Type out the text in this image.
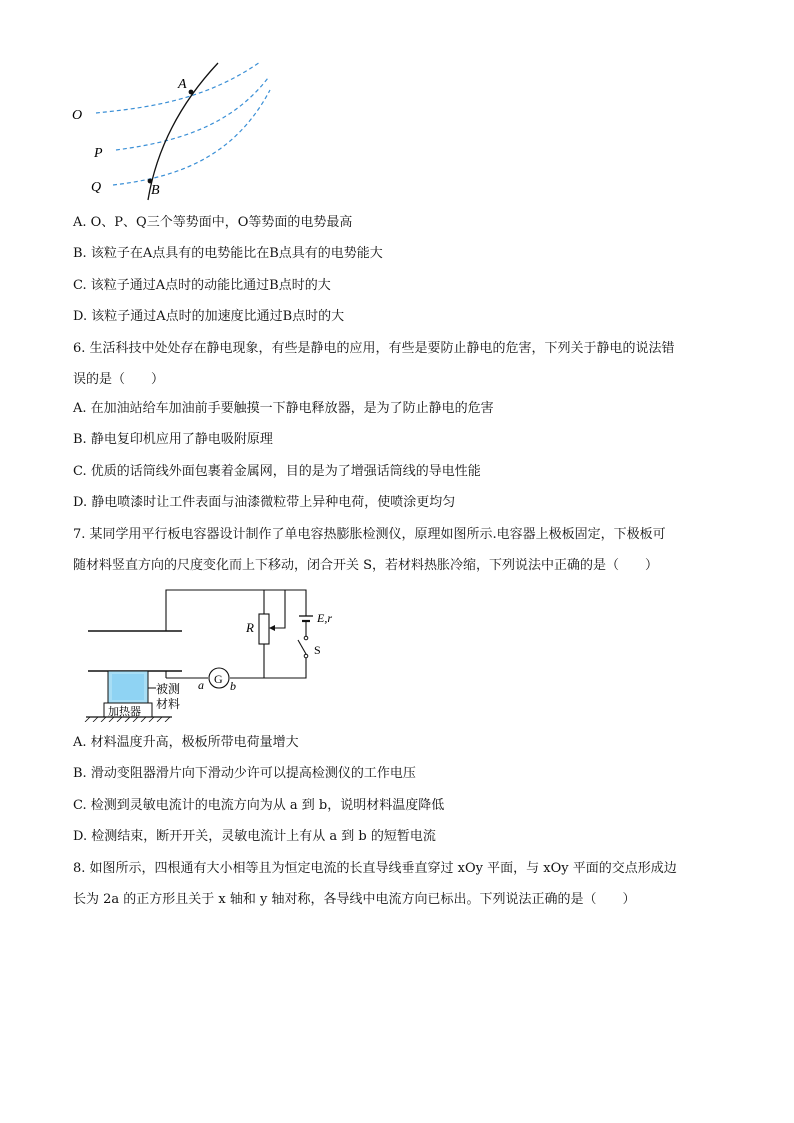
A
B
O
P
Q
A. O、P、Q三个等势面中，O等势面的电势最高
B. 该粒子在A点具有的电势能比在B点具有的电势能大
C. 该粒子通过A点时的动能比通过B点时的大
D. 该粒子通过A点时的加速度比通过B点时的大
6. 生活科技中处处存在静电现象，有些是静电的应用，有些是要防止静电的危害，下列关于静电的说法错
误的是（　　）
A. 在加油站给车加油前手要触摸一下静电释放器，是为了防止静电的危害
B. 静电复印机应用了静电吸附原理
C. 优质的话筒线外面包裹着金属网，目的是为了增强话筒线的导电性能
D. 静电喷漆时让工件表面与油漆微粒带上异种电荷，使喷涂更均匀
7. 某同学用平行板电容器设计制作了单电容热膨胀检测仪，原理如图所示.电容器上极板固定，下极板可
随材料竖直方向的尺度变化而上下移动，闭合开关 S，若材料热胀冷缩，下列说法中正确的是（　　）
R
E,r
S
G
a b
被测
材料
加热器
A. 材料温度升高，极板所带电荷量增大
B. 滑动变阻器滑片向下滑动少许可以提高检测仪的工作电压
C. 检测到灵敏电流计的电流方向为从 a 到 b，说明材料温度降低
D. 检测结束，断开开关，灵敏电流计上有从 a 到 b 的短暂电流
8. 如图所示，四根通有大小相等且为恒定电流的长直导线垂直穿过 xOy 平面，与 xOy 平面的交点形成边
长为 2a 的正方形且关于 x 轴和 y 轴对称，各导线中电流方向已标出。下列说法正确的是（　　）
